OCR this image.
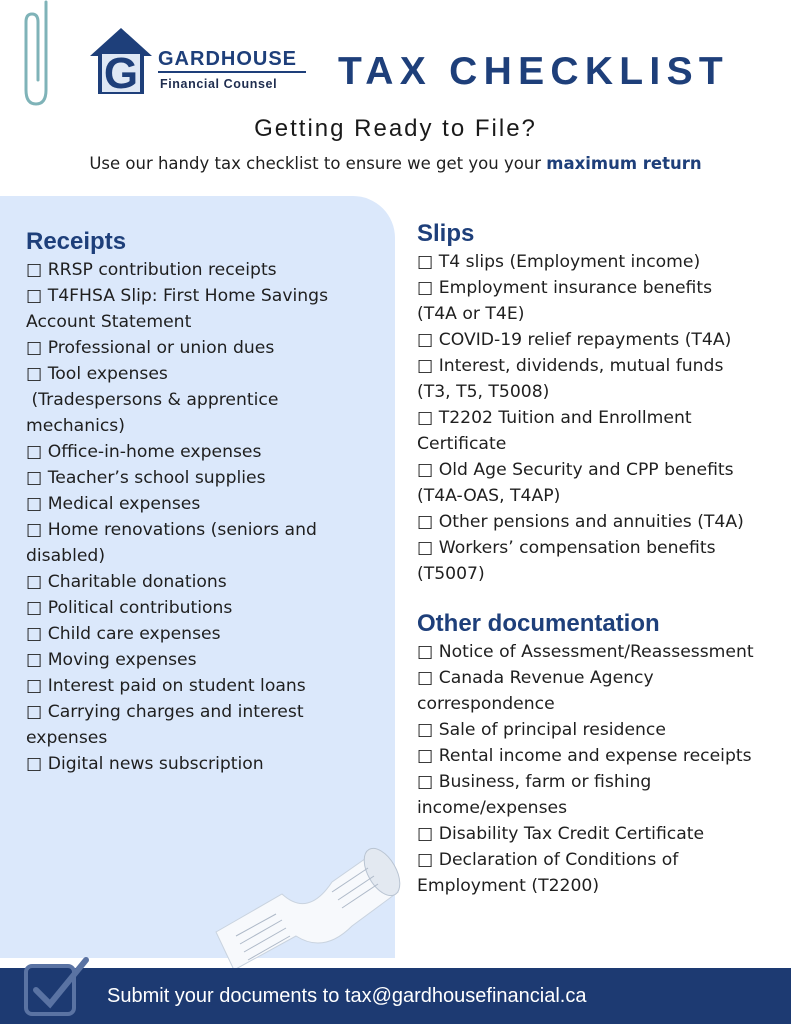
G GARDHOUSE
Financial Counsel TAX CHECKLIST
Getting Ready to File?
Use our handy tax checklist to ensure we get you your maximum return
Receipts
□ RRSP contribution receipts
□ T4FHSA Slip: First Home Savings
Account Statement
□ Professional or union dues
□ Tool expenses
(Tradespersons & apprentice
mechanics)
□ Office-in-home expenses
□ Teacher’s school supplies
□ Medical expenses
□ Home renovations (seniors and
disabled)
□ Charitable donations
□ Political contributions
□ Child care expenses
□ Moving expenses
□ Interest paid on student loans
□ Carrying charges and interest
expenses
□ Digital news subscription
Slips
□ T4 slips (Employment income)
□ Employment insurance benefits
(T4A or T4E)
□ COVID-19 relief repayments (T4A)
□ Interest, dividends, mutual funds
(T3, T5, T5008)
□ T2202 Tuition and Enrollment
Certificate
□ Old Age Security and CPP benefits
(T4A-OAS, T4AP)
□ Other pensions and annuities (T4A)
□ Workers’ compensation benefits
(T5007)
Other documentation
□ Notice of Assessment/Reassessment
□ Canada Revenue Agency
correspondence
□ Sale of principal residence
□ Rental income and expense receipts
□ Business, farm or fishing
income/expenses
□ Disability Tax Credit Certificate
□ Declaration of Conditions of
Employment (T2200)
Submit your documents to tax@gardhousefinancial.ca
